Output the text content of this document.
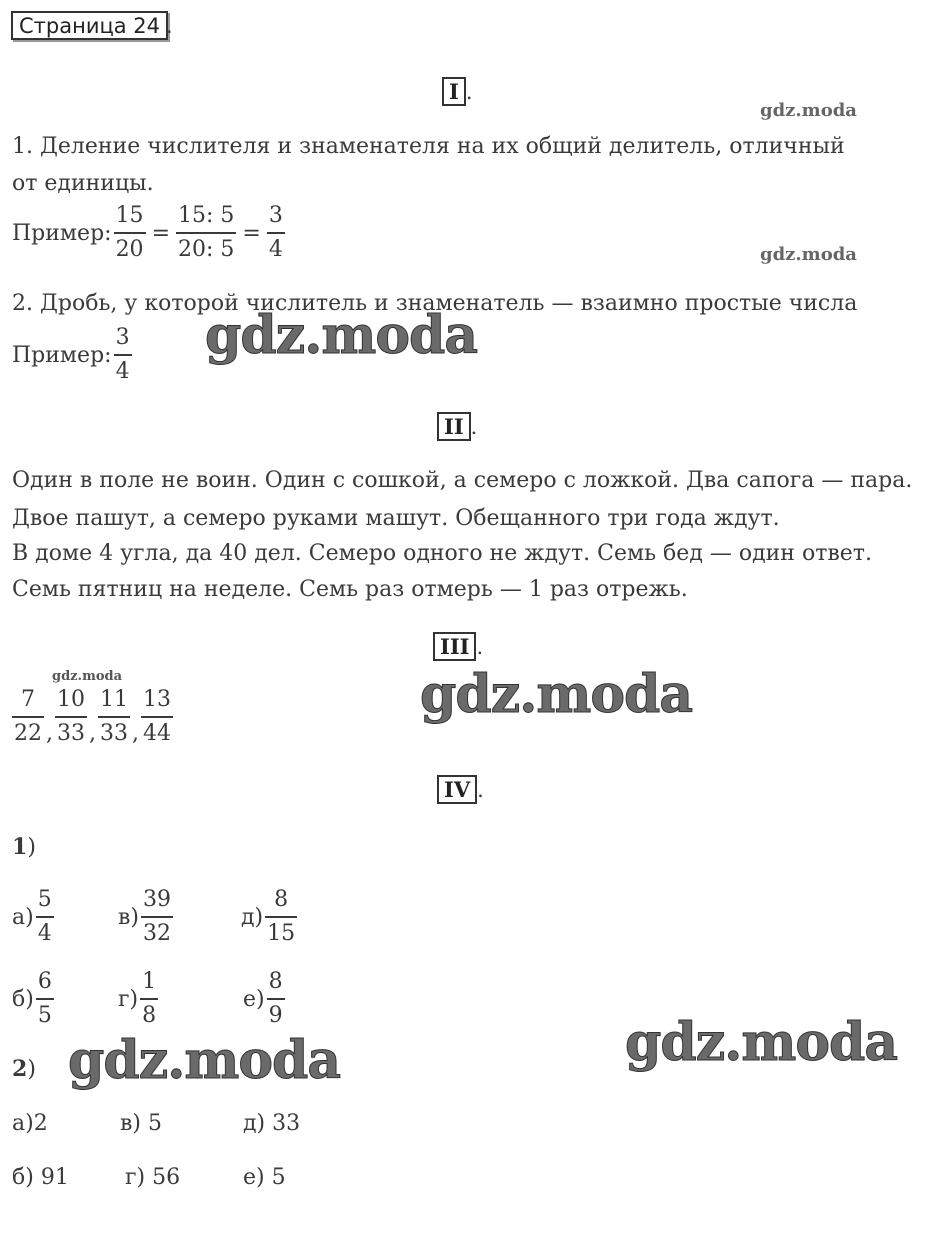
Страница 24 .
I .
gdz.moda
1. Деление числителя и знаменателя на их общий делитель, отличный
от единицы.
Пример: $\frac{15}{20} = \frac{15: 5}{20: 5} = \frac{3}{4}$	gdz.moda
2. Дробь, у которой числитель и знаменатель — взаимно простые числа
Пример: $\frac{3}{4}$ gdz.moda
II .
Один в поле не воин. Один с сошкой, а семеро с ложкой. Два сапога — пара.
Двое пашут, а семеро руками машут. Обещанного три года ждут.
В доме 4 угла, да 40 дел. Семеро одного не ждут. Семь бед — один ответ.
Семь пятниц на неделе. Семь раз отмерь — 1 раз отрежь.
III .
gdz.moda
$\frac{7}{22}$ , $\frac{10}{33}$ , $\frac{11}{33}$ , $\frac{13}{44}$	gdz.moda
IV .
1)
$а) \frac{5}{4}$	$в) \frac{39}{32}$	$д) \frac{8}{15}$
$б) \frac{6}{5}$	$г) \frac{1}{8}$	$е) \frac{8}{9}$
2) gdz.moda	gdz.moda
а)2	в) 5	д) 33
б) 91	г) 56	е) 5
